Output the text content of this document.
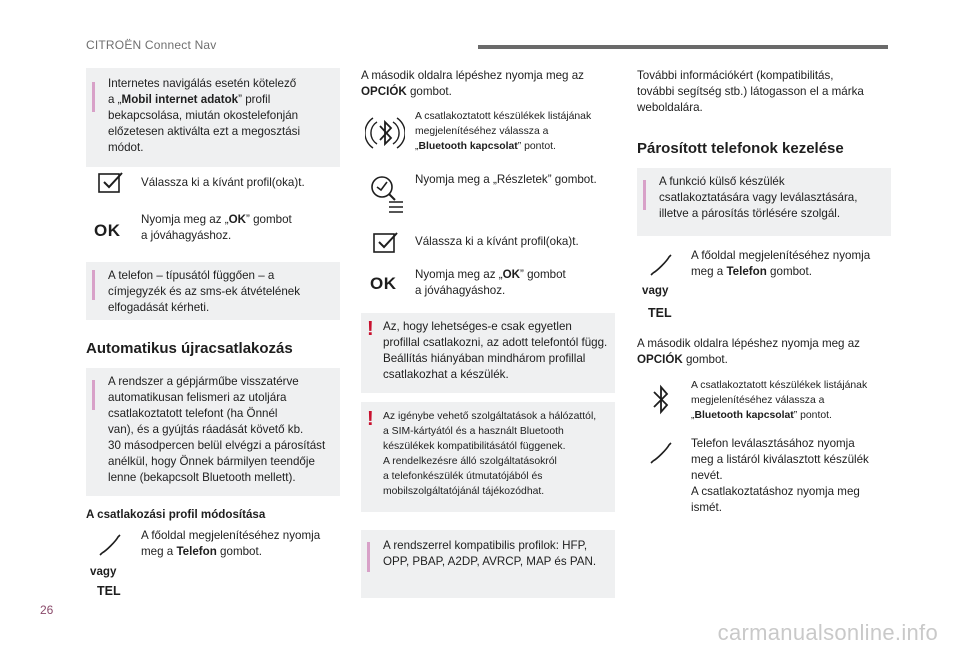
CITROËN Connect Nav
26
carmanualsonline.info
Internetes navigálás esetén kötelező
a „Mobil internet adatok” profil
bekapcsolása, miután okostelefonján
előzetesen aktiválta ezt a megosztási
módot.
Válassza ki a kívánt profil(oka)t.
OK
Nyomja meg az „OK” gombot
a jóváhagyáshoz.
A telefon – típusától függően – a
címjegyzék és az sms-ek átvételének
elfogadását kérheti.
Automatikus újracsatlakozás
A rendszer a gépjárműbe visszatérve
automatikusan felismeri az utoljára
csatlakoztatott telefont (ha Önnél
van), és a gyújtás ráadását követő kb.
30 másodpercen belül elvégzi a párosítást
anélkül, hogy Önnek bármilyen teendője
lenne (bekapcsolt Bluetooth mellett).
A csatlakozási profil módosítása
A főoldal megjelenítéséhez nyomja
meg a Telefon gombot.
vagy
TEL
A második oldalra lépéshez nyomja meg az
OPCIÓK gombot.
A csatlakoztatott készülékek listájának
megjelenítéséhez válassza a
„Bluetooth kapcsolat” pontot.
Nyomja meg a „Részletek” gombot.
Válassza ki a kívánt profil(oka)t.
OK Nyomja meg az „OK” gombot
a jóváhagyáshoz.
! Az, hogy lehetséges-e csak egyetlen
profillal csatlakozni, az adott telefontól függ.
Beállítás hiányában mindhárom profillal
csatlakozhat a készülék.
! Az igénybe vehető szolgáltatások a hálózattól,
a SIM-kártyától és a használt Bluetooth
készülékek kompatibilitásától függenek.
A rendelkezésre álló szolgáltatásokról
a telefonkészülék útmutatójából és
mobilszolgáltatójánál tájékozódhat.
A rendszerrel kompatibilis profilok: HFP,
OPP, PBAP, A2DP, AVRCP, MAP és PAN.
További információkért (kompatibilitás,
további segítség stb.) látogasson el a márka
weboldalára.
Párosított telefonok kezelése
A funkció külső készülék
csatlakoztatására vagy leválasztására,
illetve a párosítás törlésére szolgál.
A főoldal megjelenítéséhez nyomja
meg a Telefon gombot.
vagy
TEL
A második oldalra lépéshez nyomja meg az
OPCIÓK gombot.
A csatlakoztatott készülékek listájának
megjelenítéséhez válassza a
„Bluetooth kapcsolat” pontot.
Telefon leválasztásához nyomja
meg a listáról kiválasztott készülék
nevét.
A csatlakoztatáshoz nyomja meg
ismét.
